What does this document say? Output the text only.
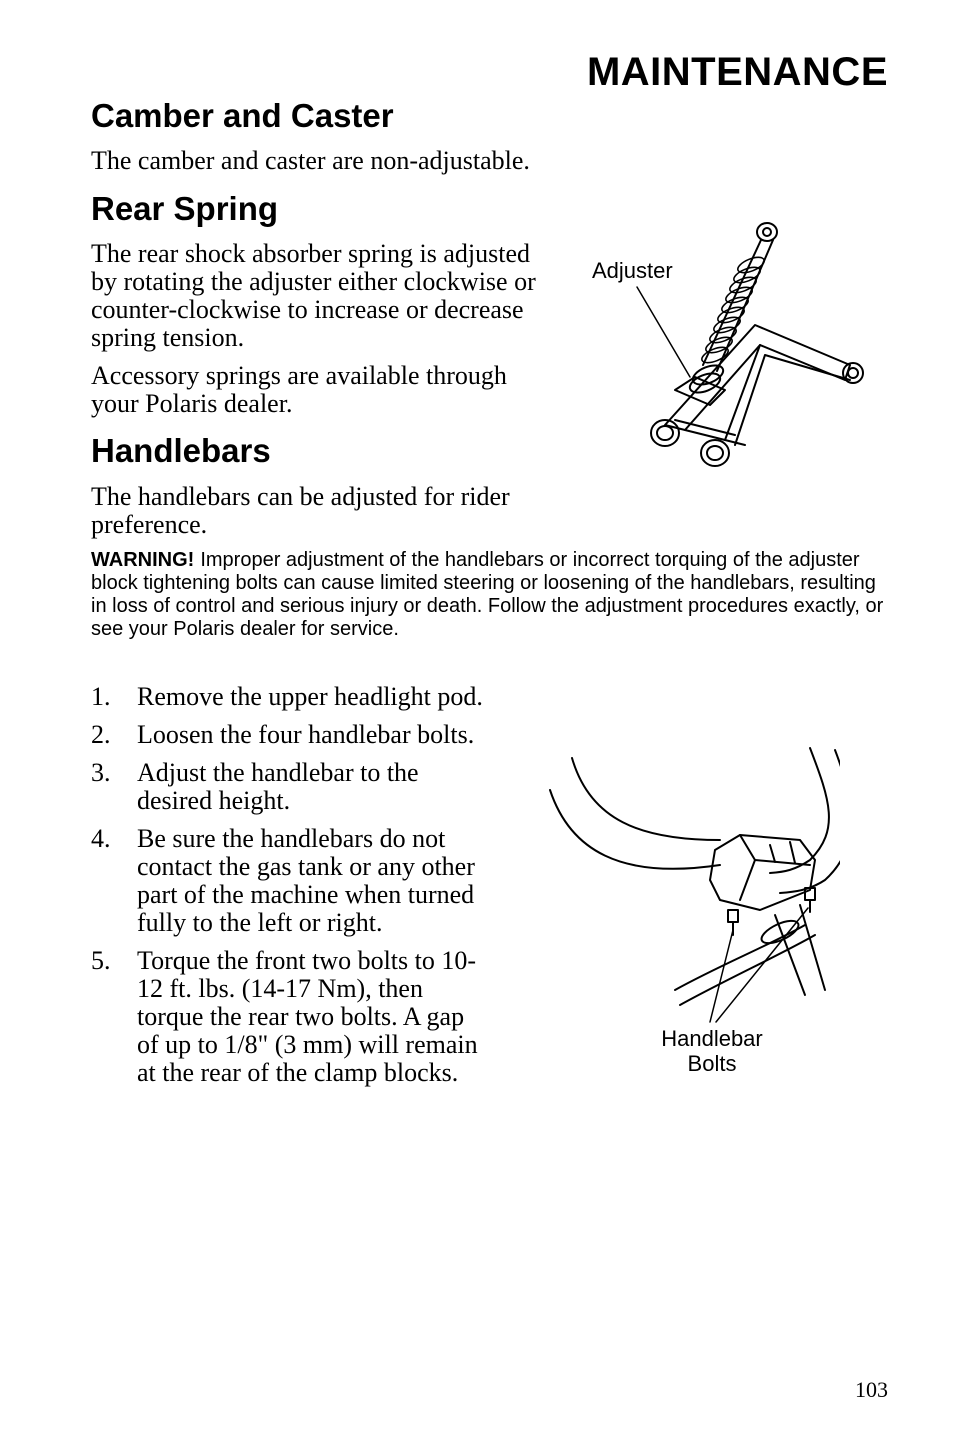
MAINTENANCE
Camber and Caster

The camber and caster are non-adjustable.

Rear Spring

The rear shock absorber spring is adjusted by rotating the adjuster either clockwise or counter-clockwise to increase or decrease spring tension.

Accessory springs are available through your Polaris dealer.

Adjuster
Handlebars

The handlebars can be adjusted for rider preference.

WARNING! Improper adjustment of the handlebars or incorrect torquing of the adjuster block tightening bolts can cause limited steering or loosening of the handlebars, resulting in loss of control and serious injury or death. Follow the adjustment procedures exactly, or see your Polaris dealer for service.

1. Remove the upper headlight pod.
2. Loosen the four handlebar bolts.
3. Adjust the handlebar to the desired height.
4. Be sure the handlebars do not contact the gas tank or any other part of the machine when turned fully to the left or right.
5. Torque the front two bolts to 10-12 ft. lbs. (14-17 Nm), then torque the rear two bolts. A gap of up to 1/8" (3 mm) will remain at the rear of the clamp blocks.
Handlebar
Bolts
103
